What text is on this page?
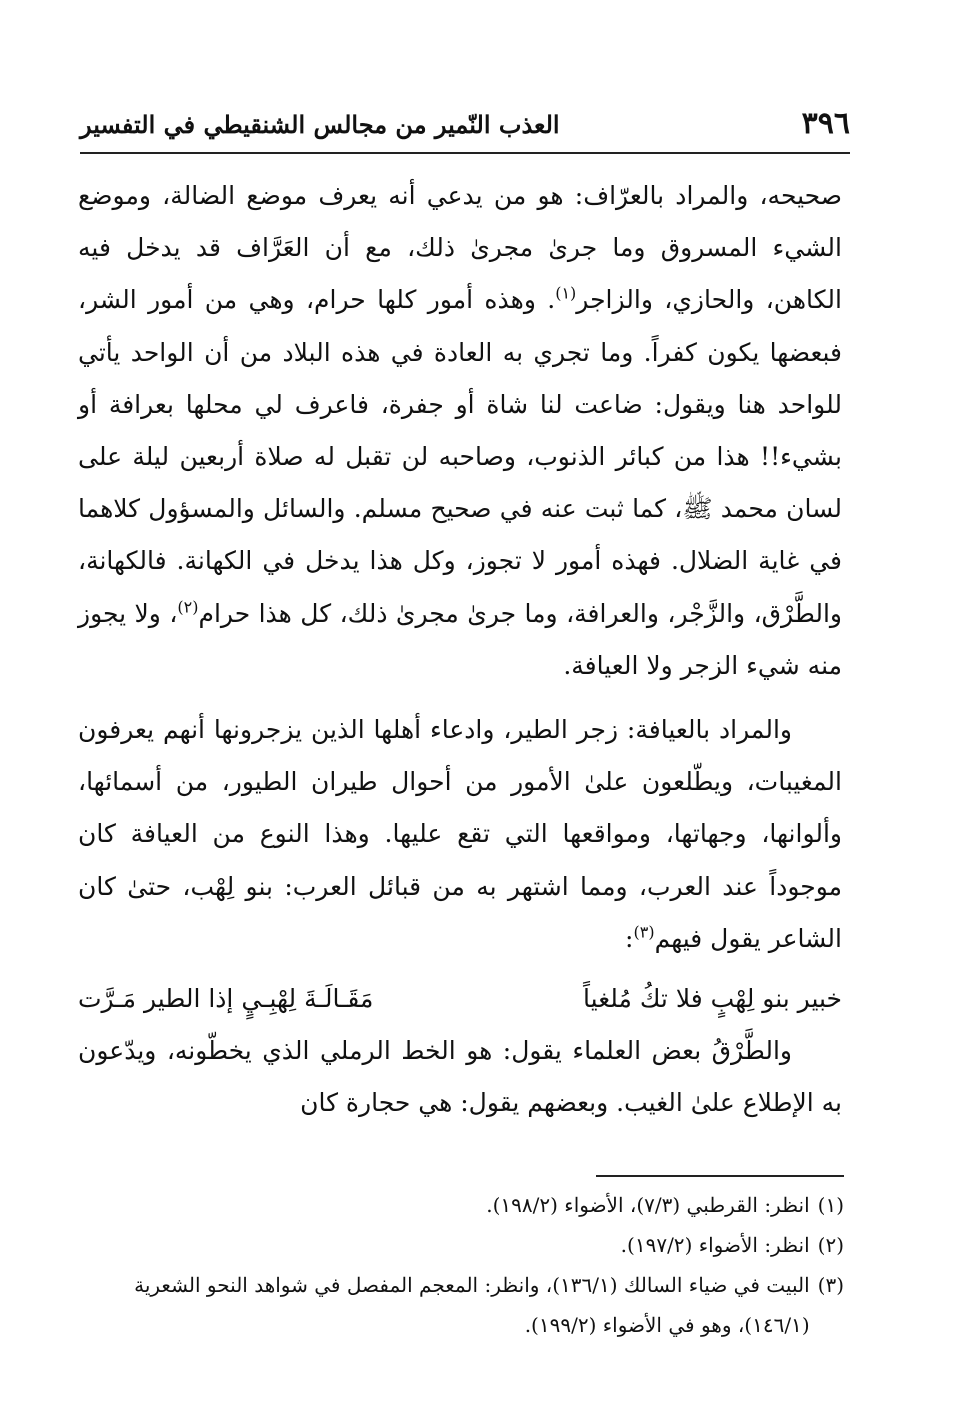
٣٩٦
العذب النّمير من مجالس الشنقيطي في التفسير

صحيحه، والمراد بالعرّاف: هو من يدعي أنه يعرف موضع الضالة، وموضع الشيء المسروق وما جرىٰ مجرىٰ ذلك، مع أن العَرَّاف قد يدخل فيه الكاهن، والحازي، والزاجر$^{(١)}$. وهذه أمور كلها حرام، وهي من أمور الشر، فبعضها يكون كفراً. وما تجري به العادة في هذه البلاد من أن الواحد يأتي للواحد هنا ويقول: ضاعت لنا شاة أو جفرة، فاعرف لي محلها بعرافة أو بشيء!! هذا من كبائر الذنوب، وصاحبه لن تقبل له صلاة أربعين ليلة على لسان محمد ﷺ، كما ثبت عنه في صحيح مسلم. والسائل والمسؤول كلاهما في غاية الضلال. فهذه أمور لا تجوز، وكل هذا يدخل في الكهانة. فالكهانة، والطَّرْق، والزَّجْر، والعرافة، وما جرىٰ مجرىٰ ذلك، كل هذا حرام$^{(٢)}$، ولا يجوز منه شيء الزجر ولا العيافة.

والمراد بالعيافة: زجر الطير، وادعاء أهلها الذين يزجرونها أنهم يعرفون المغيبات، ويطّلعون علىٰ الأمور من أحوال طيران الطيور، من أسمائها، وألوانها، وجهاتها، ومواقعها التي تقع عليها. وهذا النوع من العيافة كان موجوداً عند العرب، ومما اشتهر به من قبائل العرب: بنو لِهْب، حتىٰ كان الشاعر يقول فيهم$^{(٣)}$:

خبير بنو لِهْبٍ فلا تكُ مُلغياً
مَقَـالَـةَ لِهْبِـيٍ إذا الطير مَـرَّت

والطَّرْقُ بعض العلماء يقول: هو الخط الرملي الذي يخطّونه، ويدّعون به الإطلاع علىٰ الغيب. وبعضهم يقول: هي حجارة كان

(١)
انظر: القرطبي (٧/٣)، الأضواء (١٩٨/٢).

(٢)
انظر: الأضواء (١٩٧/٢).

(٣)
البيت في ضياء السالك (١٣٦/١)، وانظر: المعجم المفصل في شواهد النحو الشعرية (١٤٦/١)، وهو في الأضواء (١٩٩/٢).
